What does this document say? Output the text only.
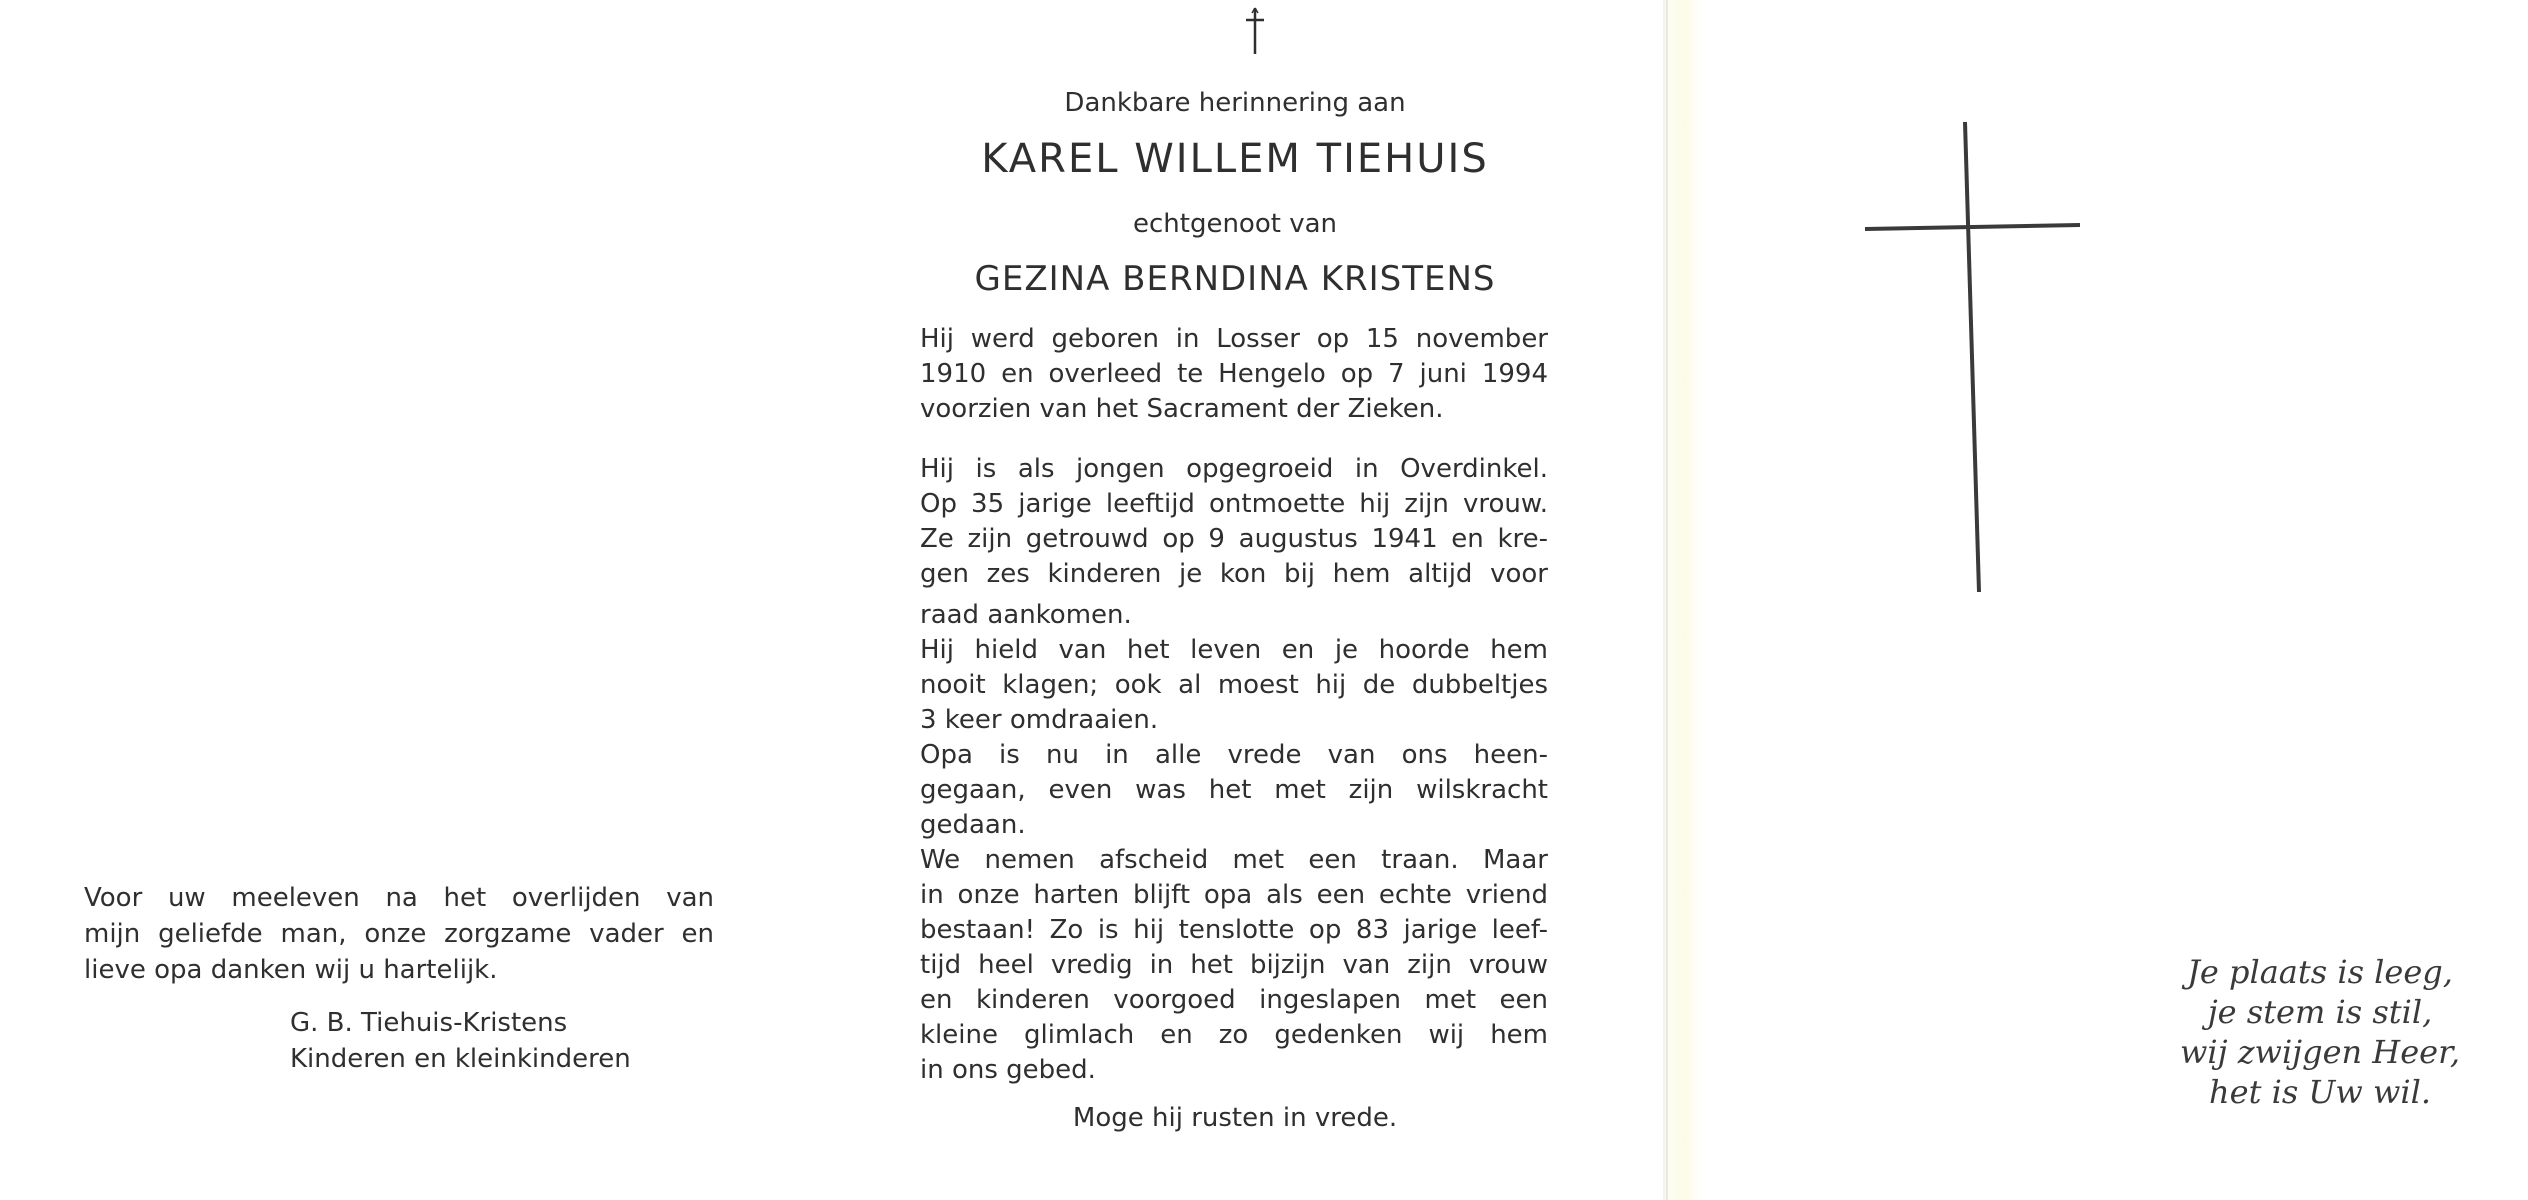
Voor uw meeleven na het overlijden van
mijn geliefde man, onze zorgzame vader en
lieve opa danken wij u hartelijk.
G. B. Tiehuis-Kristens
Kinderen en kleinkinderen
Dankbare herinnering aan
KAREL WILLEM TIEHUIS
echtgenoot van
GEZINA BERNDINA KRISTENS
Hij werd geboren in Losser op 15 november
1910 en overleed te Hengelo op 7 juni 1994
voorzien van het Sacrament der Zieken.
Hij is als jongen opgegroeid in Overdinkel.
Op 35 jarige leeftijd ontmoette hij zijn vrouw.
Ze zijn getrouwd op 9 augustus 1941 en kre-
gen zes kinderen je kon bij hem altijd voor
raad aankomen.
Hij hield van het leven en je hoorde hem
nooit klagen; ook al moest hij de dubbeltjes
3 keer omdraaien.
Opa is nu in alle vrede van ons heen-
gegaan, even was het met zijn wilskracht
gedaan.
We nemen afscheid met een traan. Maar
in onze harten blijft opa als een echte vriend
bestaan! Zo is hij tenslotte op 83 jarige leef-
tijd heel vredig in het bijzijn van zijn vrouw
en kinderen voorgoed ingeslapen met een
kleine glimlach en zo gedenken wij hem
in ons gebed.
Moge hij rusten in vrede.
Je plaats is leeg,
je stem is stil,
wij zwijgen Heer,
het is Uw wil.
